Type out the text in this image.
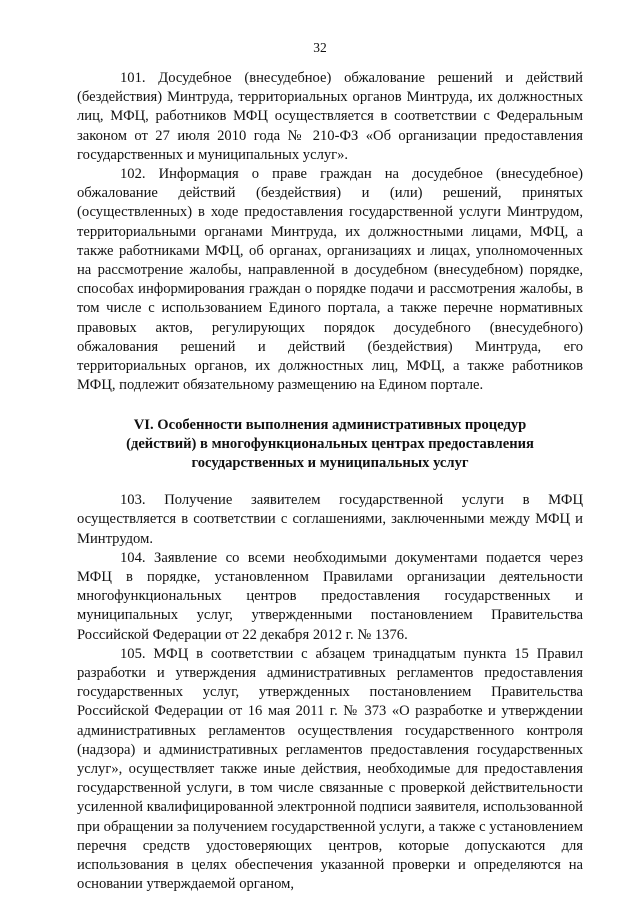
32

101. Досудебное (внесудебное) обжалование решений и действий (бездействия) Минтруда, территориальных органов Минтруда, их должностных лиц, МФЦ, работников МФЦ осуществляется в соответствии с Федеральным законом от 27 июля 2010 года № 210-ФЗ «Об организации предоставления государственных и муниципальных услуг».

102. Информация о праве граждан на досудебное (внесудебное) обжалование действий (бездействия) и (или) решений, принятых (осуществленных) в ходе предоставления государственной услуги Минтрудом, территориальными органами Минтруда, их должностными лицами, МФЦ, а также работниками МФЦ, об органах, организациях и лицах, уполномоченных на рассмотрение жалобы, направленной в досудебном (внесудебном) порядке, способах информирования граждан о порядке подачи и рассмотрения жалобы, в том числе с использованием Единого портала, а также перечне нормативных правовых актов, регулирующих порядок досудебного (внесудебного) обжалования решений и действий (бездействия) Минтруда, его территориальных органов, их должностных лиц, МФЦ, а также работников МФЦ, подлежит обязательному размещению на Едином портале.

VI. Особенности выполнения административных процедур
(действий) в многофункциональных центрах предоставления
государственных и муниципальных услуг

103. Получение заявителем государственной услуги в МФЦ осуществляется в соответствии с соглашениями, заключенными между МФЦ и Минтрудом.

104. Заявление со всеми необходимыми документами подается через МФЦ в порядке, установленном Правилами организации деятельности многофункциональных центров предоставления государственных и муниципальных услуг, утвержденными постановлением Правительства Российской Федерации от 22 декабря 2012 г. № 1376.

105. МФЦ в соответствии с абзацем тринадцатым пункта 15 Правил разработки и утверждения административных регламентов предоставления государственных услуг, утвержденных постановлением Правительства Российской Федерации от 16 мая 2011 г. № 373 «О разработке и утверждении административных регламентов осуществления государственного контроля (надзора) и административных регламентов предоставления государственных услуг», осуществляет также иные действия, необходимые для предоставления государственной услуги, в том числе связанные с проверкой действительности усиленной квалифицированной электронной подписи заявителя, использованной при обращении за получением государственной услуги, а также с установлением перечня средств удостоверяющих центров, которые допускаются для использования в целях обеспечения указанной проверки и определяются на основании утверждаемой органом,
